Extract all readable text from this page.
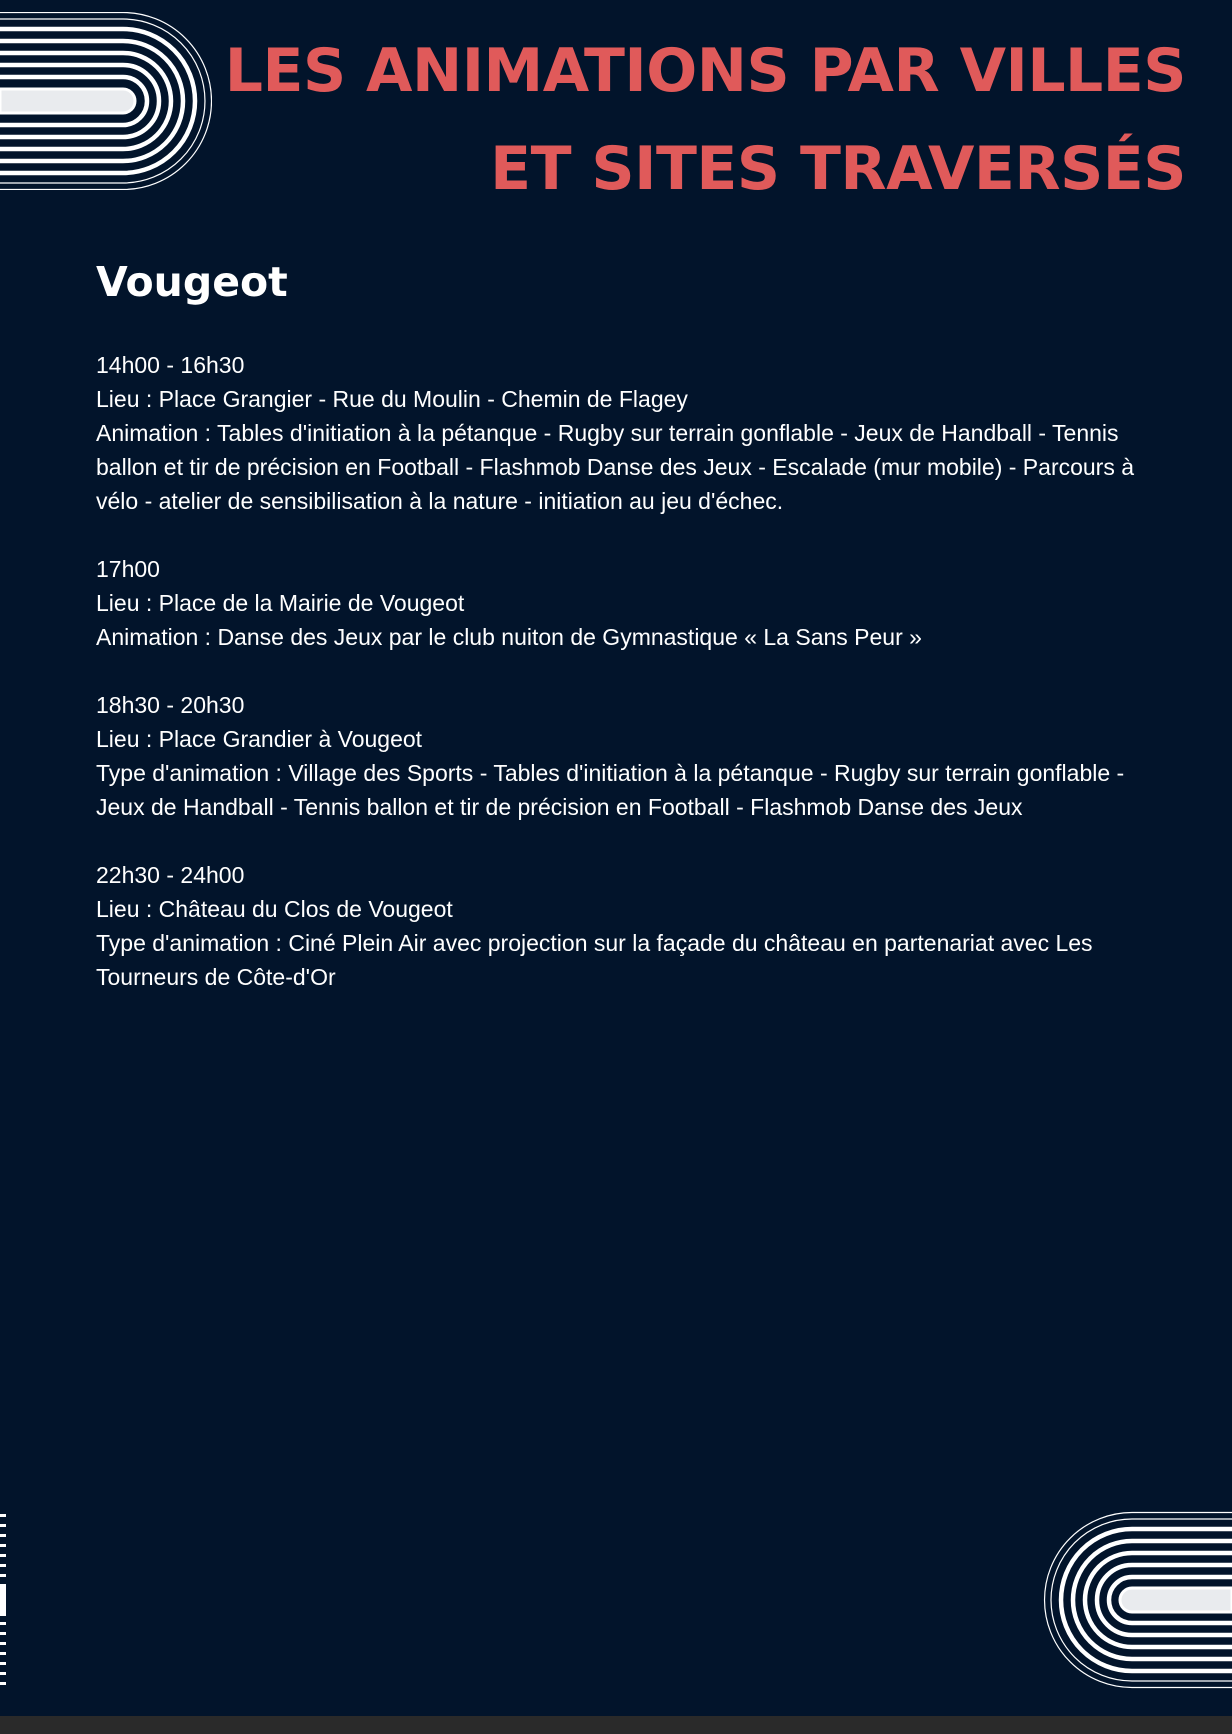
LES ANIMATIONS PAR VILLES
ET SITES TRAVERSÉS
Vougeot
14h00 - 16h30
Lieu : Place Grangier - Rue du Moulin - Chemin de Flagey
Animation : Tables d'initiation à la pétanque - Rugby sur terrain gonflable - Jeux de Handball - Tennis ballon et tir de précision en Football - Flashmob Danse des Jeux - Escalade (mur mobile) - Parcours à vélo - atelier de sensibilisation à la nature - initiation au jeu d'échec.
17h00
Lieu : Place de la Mairie de Vougeot
Animation : Danse des Jeux par le club nuiton de Gymnastique « La Sans Peur »
18h30 - 20h30
Lieu : Place Grandier à Vougeot
Type d'animation : Village des Sports - Tables d'initiation à la pétanque - Rugby sur terrain gonflable - Jeux de Handball - Tennis ballon et tir de précision en Football - Flashmob Danse des Jeux
22h30 - 24h00
Lieu : Château du Clos de Vougeot
Type d'animation : Ciné Plein Air avec projection sur la façade du château en partenariat avec Les Tourneurs de Côte-d'Or
